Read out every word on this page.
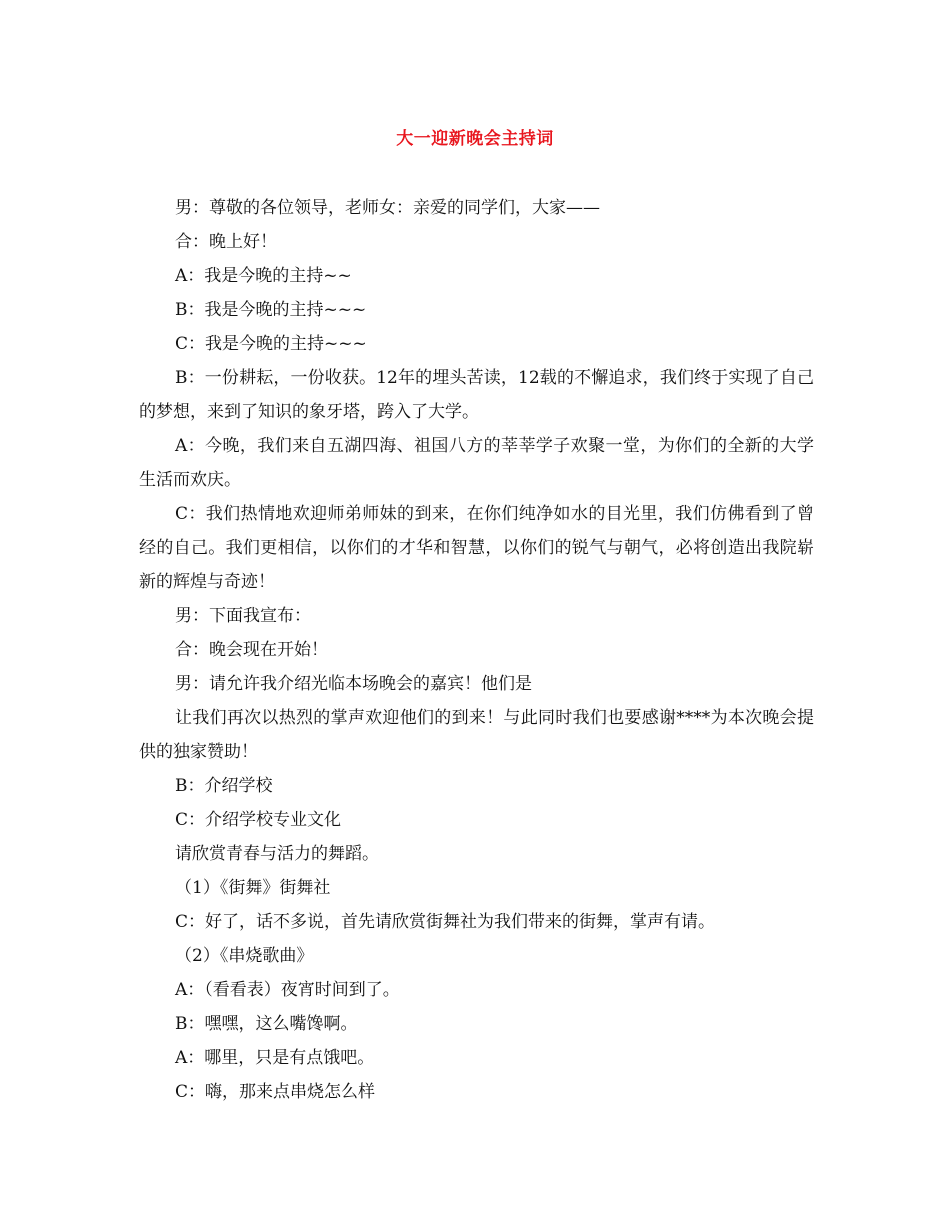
大一迎新晚会主持词

男：尊敬的各位领导，老师女：亲爱的同学们，大家——

合：晚上好！

A：我是今晚的主持~~

B：我是今晚的主持~~~

C：我是今晚的主持~~~

B：一份耕耘，一份收获。12年的埋头苦读，12载的不懈追求，我们终于实现了自己的梦想，来到了知识的象牙塔，跨入了大学。

A：今晚，我们来自五湖四海、祖国八方的莘莘学子欢聚一堂，为你们的全新的大学生活而欢庆。

C：我们热情地欢迎师弟师妹的到来，在你们纯净如水的目光里，我们仿佛看到了曾经的自己。我们更相信，以你们的才华和智慧，以你们的锐气与朝气，必将创造出我院崭新的辉煌与奇迹！

男：下面我宣布：

合：晚会现在开始！

男：请允许我介绍光临本场晚会的嘉宾！他们是

让我们再次以热烈的掌声欢迎他们的到来！与此同时我们也要感谢****为本次晚会提供的独家赞助！

B：介绍学校

C：介绍学校专业文化

请欣赏青春与活力的舞蹈。

（1）《街舞》街舞社

C：好了，话不多说，首先请欣赏街舞社为我们带来的街舞，掌声有请。

（2）《串烧歌曲》

A：（看看表）夜宵时间到了。

B：嘿嘿，这么嘴馋啊。

A：哪里，只是有点饿吧。

C：嗨，那来点串烧怎么样
